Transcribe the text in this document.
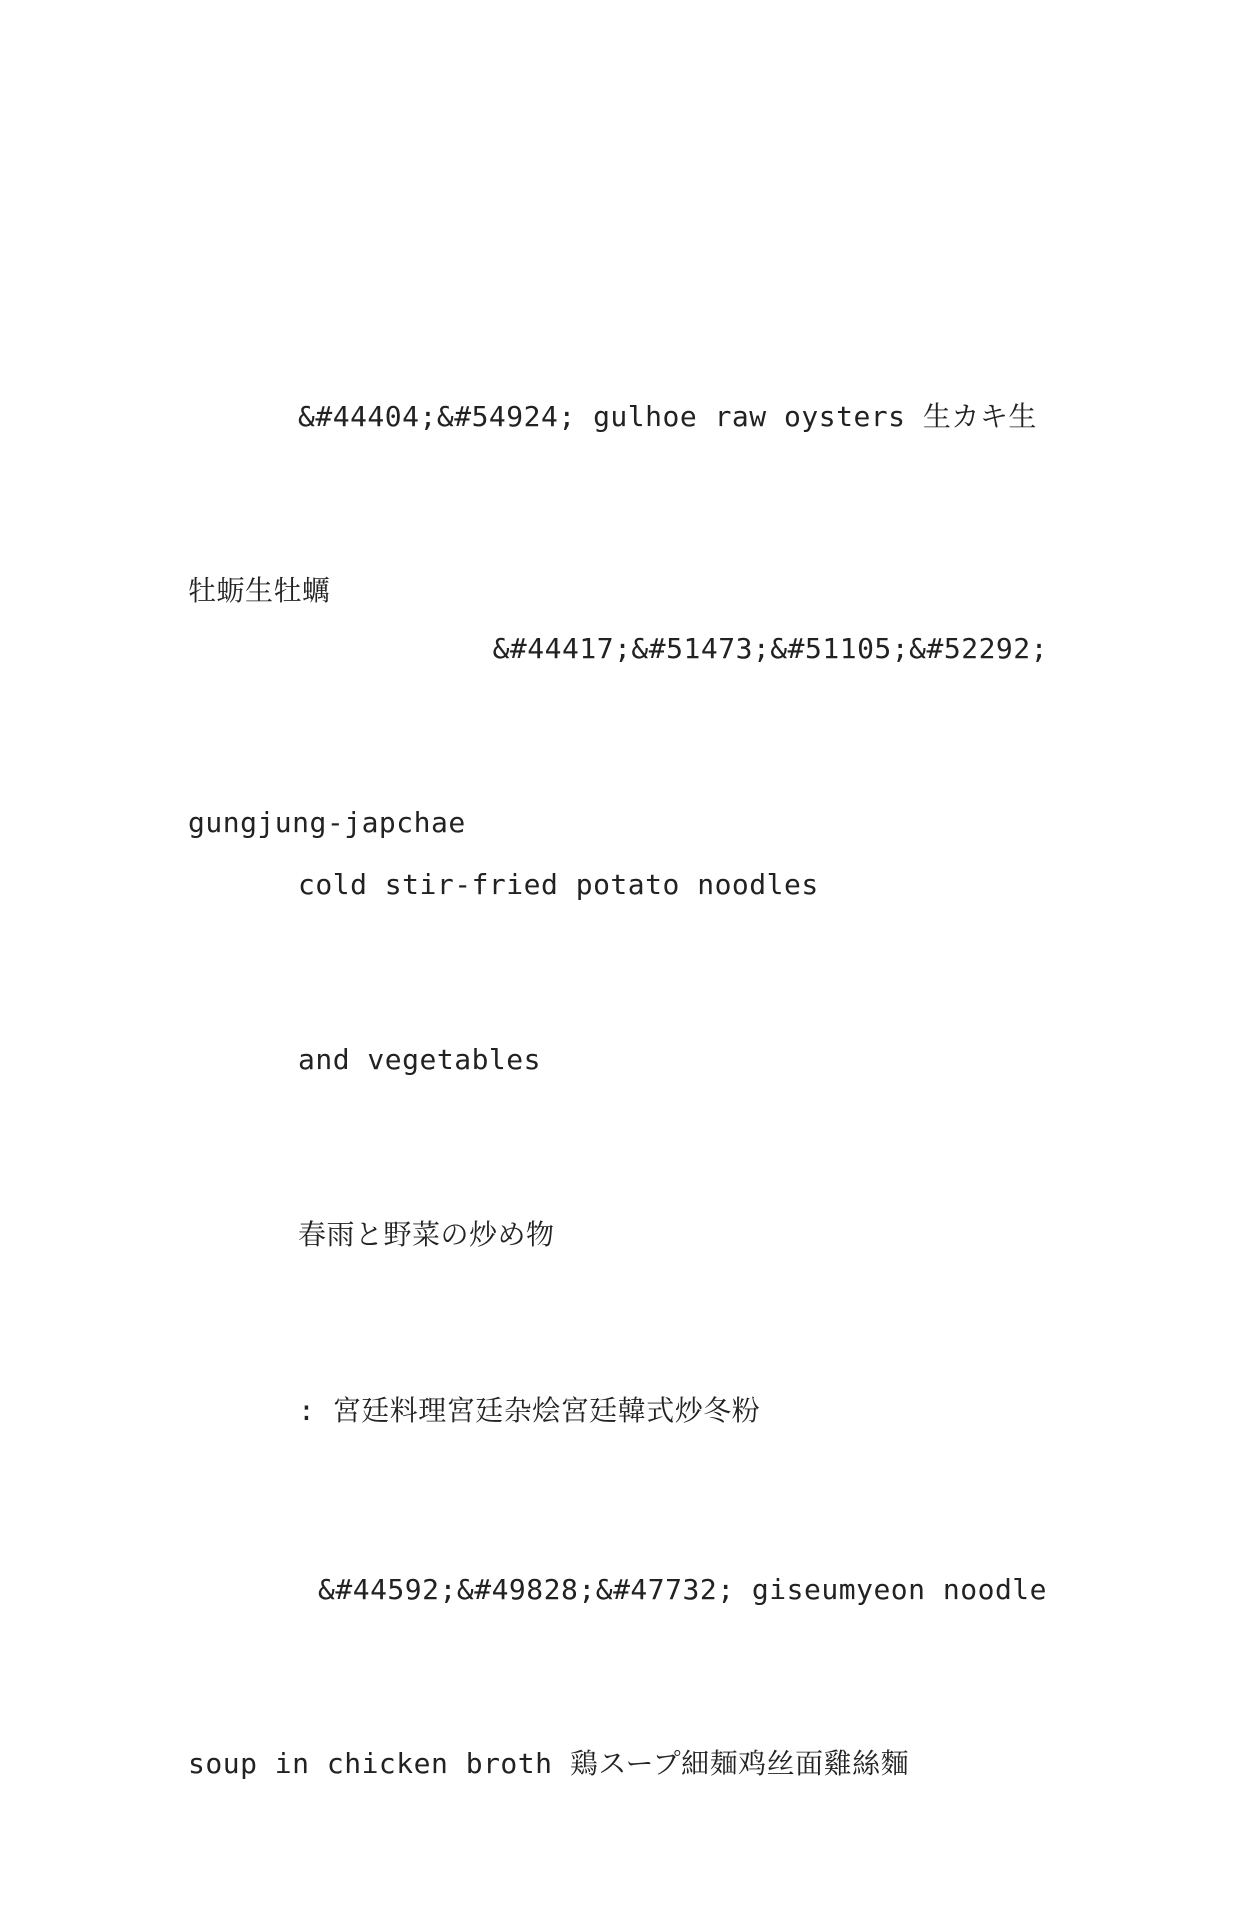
&#44404;&#54924; gulhoe raw oysters 生カキ生

牡蛎生牡蠣

&#44417;&#51473;&#51105;&#52292;

gungjung-japchae

cold stir-fried potato noodles

and vegetables

春雨と野菜の炒め物

: 宮廷料理宮廷杂烩宮廷韓式炒冬粉

&#44592;&#49828;&#47732; giseumyeon noodle

soup in chicken broth 鶏スープ細麺鸡丝面雞絲麵
